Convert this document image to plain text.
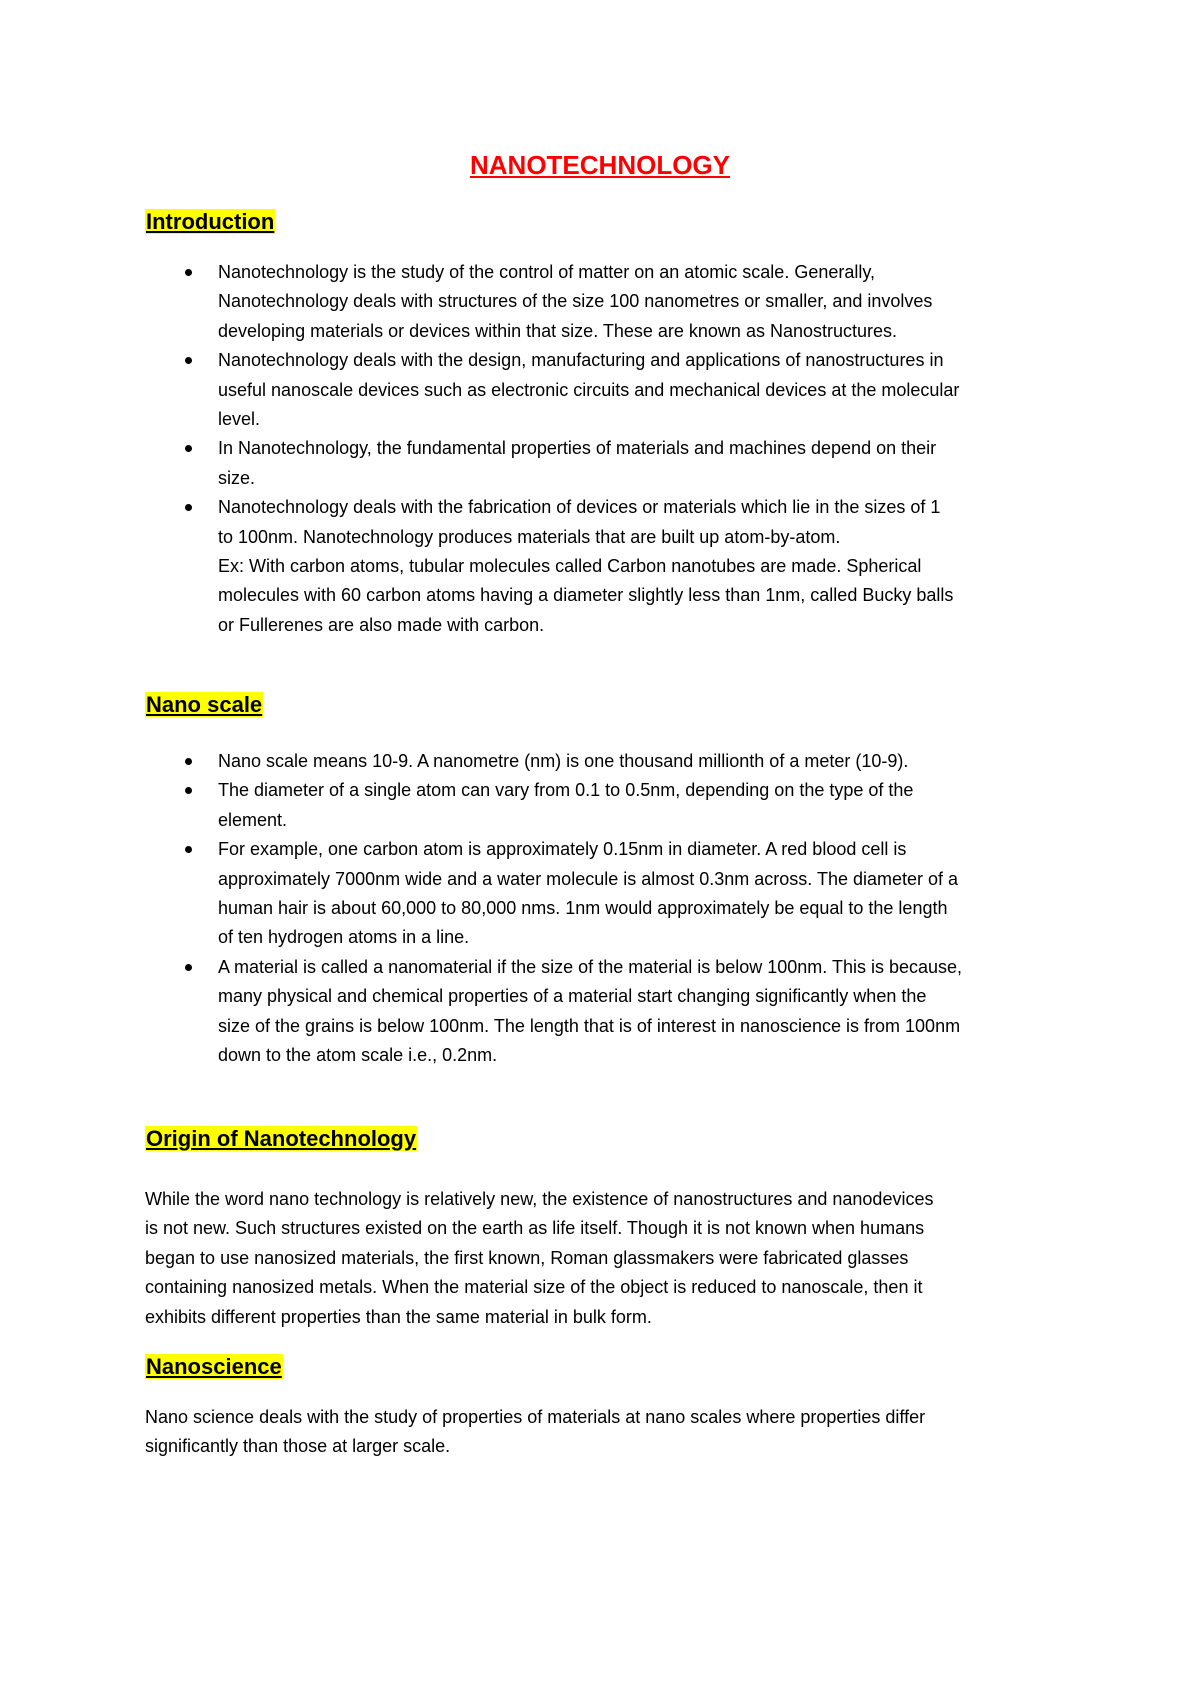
NANOTECHNOLOGY
Introduction
Nanotechnology is the study of the control of matter on an atomic scale. Generally,
Nanotechnology deals with structures of the size 100 nanometres or smaller, and involves
developing materials or devices within that size. These are known as Nanostructures.
Nanotechnology deals with the design, manufacturing and applications of nanostructures in
useful nanoscale devices such as electronic circuits and mechanical devices at the molecular
level.
In Nanotechnology, the fundamental properties of materials and machines depend on their
size.
Nanotechnology deals with the fabrication of devices or materials which lie in the sizes of 1
to 100nm. Nanotechnology produces materials that are built up atom-by-atom.
Ex: With carbon atoms, tubular molecules called Carbon nanotubes are made. Spherical
molecules with 60 carbon atoms having a diameter slightly less than 1nm, called Bucky balls
or Fullerenes are also made with carbon.
Nano scale
Nano scale means 10-9. A nanometre (nm) is one thousand millionth of a meter (10-9).
The diameter of a single atom can vary from 0.1 to 0.5nm, depending on the type of the
element.
For example, one carbon atom is approximately 0.15nm in diameter. A red blood cell is
approximately 7000nm wide and a water molecule is almost 0.3nm across. The diameter of a
human hair is about 60,000 to 80,000 nms. 1nm would approximately be equal to the length
of ten hydrogen atoms in a line.
A material is called a nanomaterial if the size of the material is below 100nm. This is because,
many physical and chemical properties of a material start changing significantly when the
size of the grains is below 100nm. The length that is of interest in nanoscience is from 100nm
down to the atom scale i.e., 0.2nm.
Origin of Nanotechnology

While the word nano technology is relatively new, the existence of nanostructures and nanodevices
is not new. Such structures existed on the earth as life itself. Though it is not known when humans
began to use nanosized materials, the first known, Roman glassmakers were fabricated glasses
containing nanosized metals. When the material size of the object is reduced to nanoscale, then it
exhibits different properties than the same material in bulk form.

Nanoscience

Nano science deals with the study of properties of materials at nano scales where properties differ
significantly than those at larger scale.
